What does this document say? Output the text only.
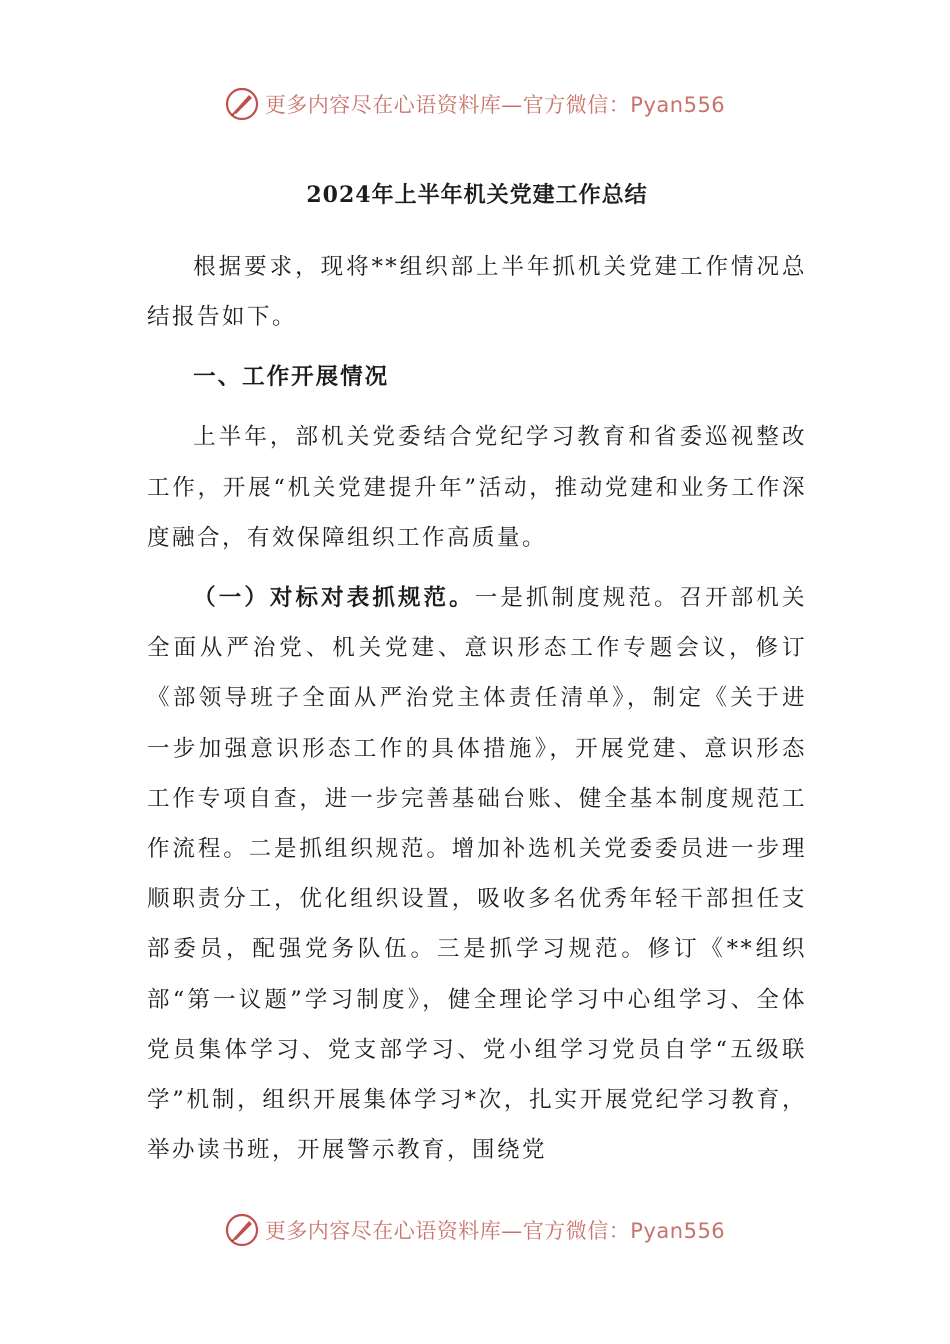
更多内容尽在心语资料库—官方微信：Pyan556
2024年上半年机关党建工作总结

根据要求，现将**组织部上半年抓机关党建工作情况总结报告如下。

一、工作开展情况

上半年，部机关党委结合党纪学习教育和省委巡视整改工作，开展“机关党建提升年”活动，推动党建和业务工作深度融合，有效保障组织工作高质量。

（一）对标对表抓规范。一是抓制度规范。召开部机关全面从严治党、机关党建、意识形态工作专题会议，修订《部领导班子全面从严治党主体责任清单》，制定《关于进一步加强意识形态工作的具体措施》，开展党建、意识形态工作专项自查，进一步完善基础台账、健全基本制度规范工作流程。二是抓组织规范。增加补选机关党委委员进一步理顺职责分工，优化组织设置，吸收多名优秀年轻干部担任支部委员，配强党务队伍。三是抓学习规范。修订《**组织部“第一议题”学习制度》，健全理论学习中心组学习、全体党员集体学习、党支部学习、党小组学习党员自学“五级联学”机制，组织开展集体学习*次，扎实开展党纪学习教育，举办读书班，开展警示教育，围绕党

更多内容尽在心语资料库—官方微信：Pyan556
